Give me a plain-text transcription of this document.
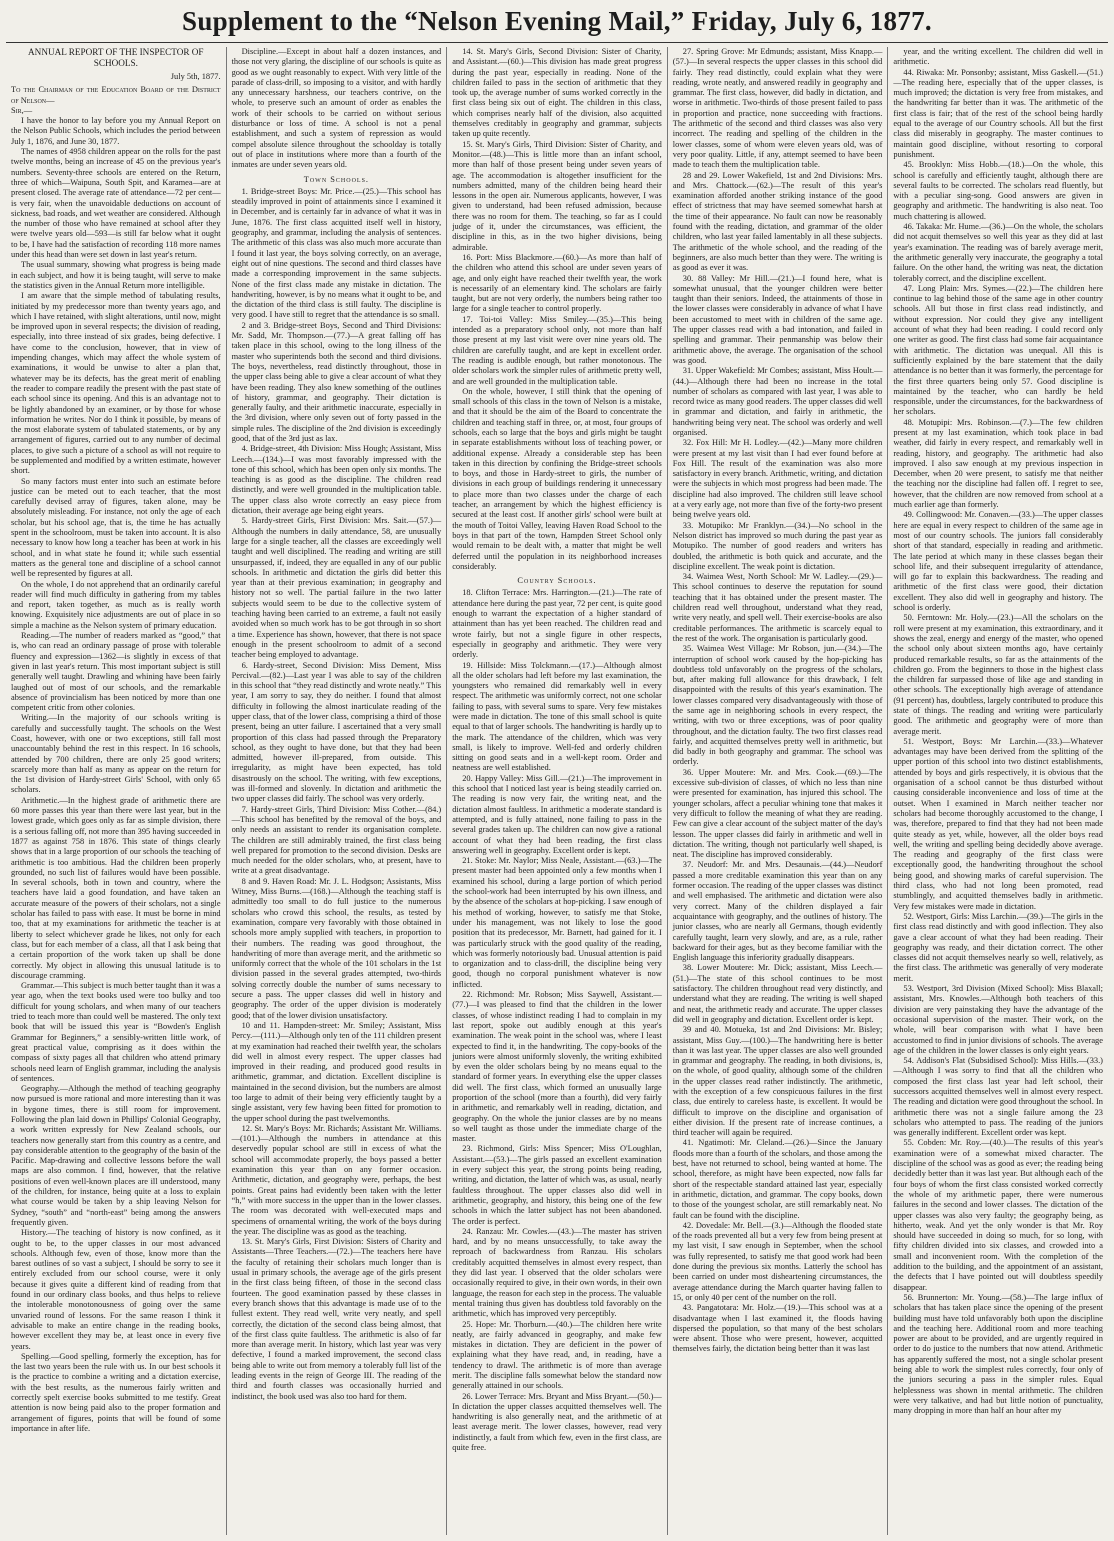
Supplement to the “Nelson Evening Mail,” Friday, July 6, 1877.

ANNUAL REPORT OF THE INSPECTOR OF SCHOOLS.

July 5th, 1877.

To the Chairman of the Education Board of the District of Nelson—

Sir,—

I have the honor to lay before you my Annual Report on the Nelson Public Schools, which includes the period between July 1, 1876, and June 30, 1877.

The names of 4958 children appear on the rolls for the past twelve months, being an increase of 45 on the previous year's numbers. Seventy-three schools are entered on the Return, three of which—Waipuna, South Spit, and Karamea—are at present closed. The average rate of attendance—72 per cent—is very fair, when the unavoidable deductions on account of sickness, bad roads, and wet weather are considered. Although the number of those who have remained at school after they were twelve years old—593—is still far below what it ought to be, I have had the satisfaction of recording 118 more names under this head than were set down in last year's return.

The usual summary, showing what progress is being made in each subject, and how it is being taught, will serve to make the statistics given in the Annual Return more intelligible.

I am aware that the simple method of tabulating results, initiated by my predecessor more than twenty years ago, and which I have retained, with slight alterations, until now, might be improved upon in several respects; the division of reading, especially, into three instead of six grades, being defective. I have come to the conclusion, however, that in view of impending changes, which may affect the whole system of examinations, it would be unwise to alter a plan that, whatever may be its defects, has the great merit of enabling the reader to compare readily the present with the past state of each school since its opening. And this is an advantage not to be lightly abandoned by an examiner, or by those for whose information he writes. Nor do I think it possible, by means of the most elaborate system of tabulated statements, or by any arrangement of figures, carried out to any number of decimal places, to give such a picture of a school as will not require to be supplemented and modified by a written estimate, however short.

So many factors must enter into such an estimate before justice can be meted out to each teacher, that the most carefully devised array of figures, taken alone, may be absolutely misleading. For instance, not only the age of each scholar, but his school age, that is, the time he has actually spent in the schoolroom, must be taken into account. It is also necessary to know how long a teacher has been at work in his school, and in what state he found it; while such essential matters as the general tone and discipline of a school cannot well be represented by figures at all.

On the whole, I do not apprehend that an ordinarily careful reader will find much difficulty in gathering from my tables and report, taken together, as much as is really worth knowing. Exquisitely nice adjustments are out of place in so simple a machine as the Nelson system of primary education.

Reading.—The number of readers marked as “good,” that is, who can read an ordinary passage of prose with tolerable fluency and expression—1362—is slightly in excess of that given in last year's return. This most important subject is still generally well taught. Drawling and whining have been fairly laughed out of most of our schools, and the remarkable absence of provincialism has been noticed by more than one competent critic from other colonies.

Writing.—In the majority of our schools writing is carefully and successfully taught. The schools on the West Coast, however, with one or two exceptions, still fall most unaccountably behind the rest in this respect. In 16 schools, attended by 700 children, there are only 25 good writers; scarcely more than half as many as appear on the return for the 1st division of Hardy-street Girls' School, with only 65 scholars.

Arithmetic.—In the highest grade of arithmetic there are 60 more passes this year than there were last year, but in the lowest grade, which goes only as far as simple division, there is a serious falling off, not more than 395 having succeeded in 1877 as against 758 in 1876. This state of things clearly shows that in a large proportion of our schools the teaching of arithmetic is too ambitious. Had the children been properly grounded, no such list of failures would have been possible. In several schools, both in town and country, where the teachers have laid a good foundation, and have taken an accurate measure of the powers of their scholars, not a single scholar has failed to pass with ease. It must be borne in mind too, that at my examinations for arithmetic the teacher is at liberty to select whichever grade he likes, not only for each class, but for each member of a class, all that I ask being that a certain proportion of the work taken up shall be done correctly. My object in allowing this unusual latitude is to discourage cramming.

Grammar.—This subject is much better taught than it was a year ago, when the text books used were too bulky and too difficult for young scholars, and when many of our teachers tried to teach more than could well be mastered. The only text book that will be issued this year is “Bowden's English Grammar for Beginners,” a sensibly-written little work, of great practical value, comprising as it does within the compass of sixty pages all that children who attend primary schools need learn of English grammar, including the analysis of sentences.

Geography.—Although the method of teaching geography now pursued is more rational and more interesting than it was in bygone times, there is still room for improvement. Following the plan laid down in Phillips' Colonial Geography, a work written expressly for New Zealand schools, our teachers now generally start from this country as a centre, and pay considerable attention to the geography of the basin of the Pacific. Map-drawing and collective lessons before the wall maps are also common. I find, however, that the relative positions of even well-known places are ill understood, many of the children, for instance, being quite at a loss to explain what course would be taken by a ship leaving Nelson for Sydney, “south” and “north-east” being among the answers frequently given.

History.—The teaching of history is now confined, as it ought to be, to the upper classes in our most advanced schools. Although few, even of those, know more than the barest outlines of so vast a subject, I should be sorry to see it entirely excluded from our school course, were it only because it gives quite a different kind of reading from that found in our ordinary class books, and thus helps to relieve the intolerable monotonousness of going over the same unvaried round of lessons. For the same reason I think it advisable to make an entire change in the reading books, however excellent they may be, at least once in every five years.

Spelling.—Good spelling, formerly the exception, has for the last two years been the rule with us. In our best schools it is the practice to combine a writing and a dictation exercise, with the best results, as the numerous fairly written and correctly spelt exercise books submitted to me testify. Great attention is now being paid also to the proper formation and arrangement of figures, points that will be found of some importance in after life.

Discipline.—Except in about half a dozen instances, and those not very glaring, the discipline of our schools is quite as good as we ought reasonably to expect. With very little of the parade of class-drill, so imposing to a visitor, and with hardly any unnecessary harshness, our teachers contrive, on the whole, to preserve such an amount of order as enables the work of their schools to be carried on without serious disturbance or loss of time. A school is not a penal establishment, and such a system of repression as would compel absolute silence throughout the schoolday is totally out of place in institutions where more than a fourth of the inmates are under seven years old.

Town Schools.

1. Bridge-street Boys: Mr. Price.—(25.)—This school has steadily improved in point of attainments since I examined it in December, and is certainly far in advance of what it was in June, 1876. The first class acquitted itself well in history, geography, and grammar, including the analysis of sentences. The arithmetic of this class was also much more accurate than I found it last year, the boys solving correctly, on an average, eight out of nine questions. The second and third classes have made a corresponding improvement in the same subjects. None of the first class made any mistake in dictation. The handwriting, however, is by no means what it ought to be, and the dictation of the third class is still faulty. The discipline is very good. I have still to regret that the attendance is so small.

2 and 3. Bridge-street Boys, Second and Third Divisions: Mr. Sadd, Mr. Thompson.—(77.)—A great falling off has taken place in this school, owing to the long illness of the master who superintends both the second and third divisions. The boys, nevertheless, read distinctly throughout, those in the upper class being able to give a clear account of what they have been reading. They also knew something of the outlines of history, grammar, and geography. Their dictation is generally faulty, and their arithmetic inaccurate, especially in the 3rd division, where only seven out of forty passed in the simple rules. The discipline of the 2nd division is exceedingly good, that of the 3rd just as lax.

4. Bridge-street, 4th Division: Miss Hough; Assistant, Miss Leech.—(134.)—I was most favorably impressed with the tone of this school, which has been open only six months. The teaching is as good as the discipline. The children read distinctly, and were well grounded in the multiplication table. The upper class also wrote correctly an easy piece from dictation, their average age being eight years.

5. Hardy-street Girls, First Division: Mrs. Sait.—(57.)—Although the numbers in daily attendance, 58, are unusually large for a single teacher, all the classes are exceedingly well taught and well disciplined. The reading and writing are still unsurpassed, if, indeed, they are equalled in any of our public schools. In arithmetic and dictation the girls did better this year than at their previous examination; in geography and history not so well. The partial failure in the two latter subjects would seem to be due to the collective system of teaching having been carried to an extreme, a fault not easily avoided when so much work has to be got through in so short a time. Experience has shown, however, that there is not space enough in the present schoolroom to admit of a second teacher being employed to advantage.

6. Hardy-street, Second Division: Miss Dement, Miss Percival.—(82.)—Last year I was able to say of the children in this school that “they read distinctly and wrote neatly.” This year, I am sorry to say, they do neither. I found that almost difficulty in following the almost inarticulate reading of the upper class, that of the lower class, comprising a third of those present, being an utter failure. I ascertained that a very small proportion of this class had passed through the Preparatory school, as they ought to have done, but that they had been admitted, however ill-prepared, from outside. This irregularity, as might have been expected, has told disastrously on the school. The writing, with few exceptions, was ill-formed and slovenly. In dictation and arithmetic the two upper classes did fairly. The school was very orderly.

7. Hardy-street Girls, Third Division: Miss Cother.—(84.)—This school has benefited by the removal of the boys, and only needs an assistant to render its organisation complete. The children are still admirably trained, the first class being well prepared for promotion to the second division. Desks are much needed for the older scholars, who, at present, have to write at a great disadvantage.

8 and 9. Haven Road: Mr. J. L. Hodgson; Assistants, Miss Witney, Miss Burns.—(168.)—Although the teaching staff is admittedly too small to do full justice to the numerous scholars who crowd this school, the results, as tested by examination, compare very favorably with those obtained in schools more amply supplied with teachers, in proportion to their numbers. The reading was good throughout, the handwriting of more than average merit, and the arithmetic so uniformly correct that the whole of the 101 scholars in the 1st division passed in the several grades attempted, two-thirds solving correctly double the number of sums necessary to secure a pass. The upper classes did well in history and geography. The order of the upper division is moderately good; that of the lower division unsatisfactory.

10 and 11. Hampden-street: Mr. Smiley; Assistant, Miss Percy.—(111.)—Although only ten of the 111 children present at my examination had reached their twelfth year, the scholars did well in almost every respect. The upper classes had improved in their reading, and produced good results in arithmetic, grammar, and dictation. Excellent discipline is maintained in the second division, but the numbers are almost too large to admit of their being very efficiently taught by a single assistant, very few having been fitted for promotion to the upper school during the past twelvemonths.

12. St. Mary's Boys: Mr. Richards; Assistant Mr. Williams.—(101.)—Although the numbers in attendance at this deservedly popular school are still in excess of what the school will accommodate properly, the boys passed a better examination this year than on any former occasion. Arithmetic, dictation, and geography were, perhaps, the best points. Great pains had evidently been taken with the letter “h,” with more success in the upper than in the lower classes. The room was decorated with well-executed maps and specimens of ornamental writing, the work of the boys during the year. The discipline was as good as the teaching.

13. St. Mary's Girls, First Division: Sisters of Charity and Assistants—Three Teachers.—(72.)—The teachers here have the faculty of retaining their scholars much longer than is usual in primary schools, the average age of the girls present in the first class being fifteen, of those in the second class fourteen. The good examination passed by these classes in every branch shows that this advantage is made use of to the fullest extent. They read well, write very neatly, and spell correctly, the dictation of the second class being almost, that of the first class quite faultless. The arithmetic is also of far more than average merit. In history, which last year was very defective, I found a marked improvement, the second class being able to write out from memory a tolerably full list of the leading events in the reign of George III. The reading of the third and fourth classes was occasionally hurried and indistinct, the book used was also too hard for them.

14. St. Mary's Girls, Second Division: Sister of Charity, and Assistant.—(60.)—This division has made great progress during the past year, especially in reading. None of the children failed to pass in the section of arithmetic that they took up, the average number of sums worked correctly in the first class being six out of eight. The children in this class, which comprises nearly half of the division, also acquitted themselves creditably in geography and grammar, subjects taken up quite recently.

15. St. Mary's Girls, Third Division: Sister of Charity, and Monitor.—(48.)—This is little more than an infant school, more than half of those present being under seven years of age. The accommodation is altogether insufficient for the numbers admitted, many of the children being heard their lessons in the open air. Numerous applicants, however, I was given to understand, had been refused admission, because there was no room for them. The teaching, so far as I could judge of it, under the circumstances, was efficient, the discipline in this, as in the two higher divisions, being admirable.

16. Port: Miss Blackmore.—(60.)—As more than half of the children who attend this school are under seven years of age, and only eight have reached their twelfth year, the work is necessarily of an elementary kind. The scholars are fairly taught, but are not very orderly, the numbers being rather too large for a single teacher to control properly.

17. Toi-toi Valley: Miss Smiley.—(35.)—This being intended as a preparatory school only, not more than half those present at my last visit were over nine years old. The children are carefully taught, and are kept in excellent order. The reading is audible enough, but rather monotonous. The older scholars work the simpler rules of arithmetic pretty well, and are well grounded in the multiplication table.

On the whole, however, I still think that the opening of small schools of this class in the town of Nelson is a mistake, and that it should be the aim of the Board to concentrate the children and teaching staff in three, or, at most, four groups of schools, each so large that the boys and girls might be taught in separate establishments without loss of teaching power, or additional expense. Already a considerable step has been taken in this direction by confining the Bridge-street schools to boys, and those in Hardy-street to girls, the number of divisions in each group of buildings rendering it unnecessary to place more than two classes under the charge of each teacher, an arrangement by which the highest efficiency is secured at the least cost. If another girls' school were built at the mouth of Toitoi Valley, leaving Haven Road School to the boys in that part of the town, Hampden Street School only would remain to be dealt with, a matter that might be well deferred until the population in its neighborhood increases considerably.

Country Schools.

18. Clifton Terrace: Mrs. Harrington.—(21.)—The rate of attendance here during the past year, 72 per cent, is quite good enough to warrant the expectation of a higher standard of attainment than has yet been reached. The children read and wrote fairly, but not a single figure in other respects, especially in geography and arithmetic. They were very orderly.

19. Hillside: Miss Tolckmann.—(17.)—Although almost all the older scholars had left before my last examination, the youngsters who remained did remarkably well in every respect. The arithmetic was uniformly correct, not one scholar failing to pass, with several sums to spare. Very few mistakes were made in dictation. The tone of this small school is quite equal to that of larger schools. The handwriting is hardly up to the mark. The attendance of the children, which was very small, is likely to improve. Well-fed and orderly children sitting on good seats and in a well-kept room. Order and neatness are well established.

20. Happy Valley: Miss Gill.—(21.)—The improvement in this school that I noticed last year is being steadily carried on. The reading is now very fair, the writing neat, and the dictation almost faultless. In arithmetic a moderate standard is attempted, and is fully attained, none failing to pass in the several grades taken up. The children can now give a rational account of what they had been reading, the first class answering well in geography. Excellent order is kept.

21. Stoke: Mr. Naylor; Miss Neale, Assistant.—(63.)—The present master had been appointed only a few months when I examined his school, during a large portion of which period the school-work had been interrupted by his own illness, and by the absence of the scholars at hop-picking. I saw enough of his method of working, however, to satisfy me that Stoke, under his management, was not likely to lose the good position that its predecessor, Mr. Barnett, had gained for it. I was particularly struck with the good quality of the reading, which was formerly notoriously bad. Unusual attention is paid to organization and to class-drill, the discipline being very good, though no corporal punishment whatever is now inflicted.

22. Richmond: Mr. Robson; Miss Saywell, Assistant.—(77.)—I was pleased to find that the children in the lower classes, of whose indistinct reading I had to complain in my last report, spoke out audibly enough at this year's examination. The weak point in the school was, where I least expected to find it, in the handwriting. The copy-books of the juniors were almost uniformly slovenly, the writing exhibited by even the older scholars being by no means equal to the standard of former years. In everything else the upper classes did well. The first class, which formed an unusually large proportion of the school (more than a fourth), did very fairly in arithmetic, and remarkably well in reading, dictation, and geography. On the whole the junior classes are by no means so well taught as those under the immediate charge of the master.

23. Richmond, Girls: Miss Spencer; Miss O'Loughlan, Assistant.—(53.)—The girls passed an excellent examination in every subject this year, the strong points being reading, writing, and dictation, the latter of which was, as usual, nearly faultless throughout. The upper classes also did well in arithmetic, geography, and history, this being one of the few schools in which the latter subject has not been abandoned. The order is perfect.

24. Ranzau: Mr. Cowles.—(43.)—The master has striven hard, and by no means unsuccessfully, to take away the reproach of backwardness from Ranzau. His scholars creditably acquitted themselves in almost every respect, than they did last year. I observed that the older scholars were occasionally required to give, in their own words, in their own language, the reason for each step in the process. The valuable mental training thus given has doubtless told favorably on the arithmetic, which has improved very perceptibly.

25. Hope: Mr. Thorburn.—(40.)—The children here write neatly, are fairly advanced in geography, and make few mistakes in dictation. They are deficient in the power of explaining what they have read, and, in reading, have a tendency to drawl. The arithmetic is of more than average merit. The discipline falls somewhat below the standard now generally attained in our schools.

26. Lower Terrace: Mrs. Bryant and Miss Bryant.—(50.)—In dictation the upper classes acquitted themselves well. The handwriting is also generally neat, and the arithmetic of at least average merit. The lower classes, however, read very indistinctly, a fault from which few, even in the first class, are quite free.

27. Spring Grove: Mr Edmunds; assistant, Miss Knapp.—(57.)—In several respects the upper classes in this school did fairly. They read distinctly, could explain what they were reading, wrote neatly, and answered readily in geography and grammar. The first class, however, did badly in dictation, and worse in arithmetic. Two-thirds of those present failed to pass in proportion and practice, none succeeding with fractions. The arithmetic of the second and third classes was also very incorrect. The reading and spelling of the children in the lower classes, some of whom were eleven years old, was of very poor quality. Little, if any, attempt seemed to have been made to teach them the multiplication table.

28 and 29. Lower Wakefield, 1st and 2nd Divisions: Mrs. and Mrs. Chattock.—(62.)—The result of this year's examination afforded another striking instance of the good effect of strictness that may have seemed somewhat harsh at the time of their appearance. No fault can now be reasonably found with the reading, dictation, and grammar of the older children, who last year failed lamentably in all these subjects. The arithmetic of the whole school, and the reading of the beginners, are also much better than they were. The writing is as good as ever it was.

30. 88 Valley: Mr Hill.—(21.)—I found here, what is somewhat unusual, that the younger children were better taught than their seniors. Indeed, the attainments of those in the lower classes were considerably in advance of what I have been accustomed to meet with in children of the same age. The upper classes read with a bad intonation, and failed in spelling and grammar. Their penmanship was below their arithmetic above, the average. The organisation of the school was good.

31. Upper Wakefield: Mr Combes; assistant, Miss Hoult.—(44.)—Although there had been no increase in the total number of scholars as compared with last year, I was able to record twice as many good readers. The upper classes did well in grammar and dictation, and fairly in arithmetic, the handwriting being very neat. The school was orderly and well organised.

32. Fox Hill: Mr H. Lodley.—(42.)—Many more children were present at my last visit than I had ever found before at Fox Hill. The result of the examination was also more satisfactory in every branch. Arithmetic, writing, and dictation were the subjects in which most progress had been made. The discipline had also improved. The children still leave school at a very early age, not more than five of the forty-two present being twelve years old.

33. Motupiko: Mr Franklyn.—(34.)—No school in the Nelson district has improved so much during the past year as Motupiko. The number of good readers and writers has doubled, the arithmetic is both quick and accurate, and the discipline excellent. The weak point is dictation.

34. Waimea West, North School: Mr W. Ladley.—(29.)—This school continues to deserve the reputation for sound teaching that it has obtained under the present master. The children read well throughout, understand what they read, write very neatly, and spell well. Their exercise-books are also creditable performances. The arithmetic is scarcely equal to the rest of the work. The organisation is particularly good.

35. Waimea West Village: Mr Robson, jun.—(34.)—The interruption of school work caused by the hop-picking has doubtless told unfavorably on the progress of the scholars, but, after making full allowance for this drawback, I felt disappointed with the results of this year's examination. The lower classes compared very disadvantageously with those of the same age in neighboring schools in every respect, the writing, with two or three exceptions, was of poor quality throughout, and the dictation faulty. The two first classes read fairly, and acquitted themselves pretty well in arithmetic, but did badly in both geography and grammar. The school was orderly.

36. Upper Moutere: Mr. and Mrs. Cook.—(69.)—The excessive sub-division of classes, of which no less than nine were presented for examination, has injured this school. The younger scholars, affect a peculiar whining tone that makes it very difficult to follow the meaning of what they are reading. Few can give a clear account of the subject matter of the day's lesson. The upper classes did fairly in arithmetic and well in dictation. The writing, though not particularly well shaped, is neat. The discipline has improved considerably.

37. Neudorf: Mr. and Mrs. Desaunais.—(44.)—Neudorf passed a more creditable examination this year than on any former occasion. The reading of the upper classes was distinct and well emphasised. The arithmetic and dictation were also very correct. Many of the children displayed a fair acquaintance with geography, and the outlines of history. The junior classes, who are nearly all Germans, though evidently carefully taught, learn very slowly, and are, as a rule, rather backward for their ages, but as they become familiar with the English language this inferiority gradually disappears.

38. Lower Moutere: Mr. Dick; assistant, Miss Leech.—(51.)—The state of this school continues to be most satisfactory. The children throughout read very distinctly, and understand what they are reading. The writing is well shaped and neat, the arithmetic ready and accurate. The upper classes did well in geography and dictation. Excellent order is kept.

39 and 40. Motueka, 1st and 2nd Divisions: Mr. Bisley; assistant, Miss Guy.—(100.)—The handwriting here is better than it was last year. The upper classes are also well grounded in grammar and geography. The reading, in both divisions, is, on the whole, of good quality, although some of the children in the upper classes read rather indistinctly. The arithmetic, with the exception of a few conspicuous failures in the first class, due entirely to careless haste, is excellent. It would be difficult to improve on the discipline and organisation of either division. If the present rate of increase continues, a third teacher will again be required.

41. Ngatimoti: Mr. Cleland.—(26.)—Since the January floods more than a fourth of the scholars, and those among the best, have not returned to school, being wanted at home. The school, therefore, as might have been expected, now falls far short of the respectable standard attained last year, especially in arithmetic, dictation, and grammar. The copy books, down to those of the youngest scholar, are still remarkably neat. No fault can be found with the discipline.

42. Dovedale: Mr. Bell.—(3.)—Although the flooded state of the roads prevented all but a very few from being present at my last visit, I saw enough in September, when the school was fully represented, to satisfy me that good work had been done during the previous six months. Latterly the school has been carried on under most disheartening circumstances, the average attendance during the March quarter having fallen to 15, or only 40 per cent of the number on the roll.

43. Pangatotara: Mr. Holz.—(19.)—This school was at a disadvantage when I last examined it, the floods having dispersed the population, so that many of the best scholars were absent. Those who were present, however, acquitted themselves fairly, the dictation being better than it was last

year, and the writing excellent. The children did well in arithmetic.

44. Riwaka: Mr. Ponsonby; assistant, Miss Gaskell.—(51.)—The reading here, especially that of the upper classes, is much improved; the dictation is very free from mistakes, and the handwriting far better than it was. The arithmetic of the first class is fair; that of the rest of the school being hardly equal to the average of our Country schools. All but the first class did miserably in geography. The master continues to maintain good discipline, without resorting to corporal punishment.

45. Brooklyn: Miss Hobb.—(18.)—On the whole, this school is carefully and efficiently taught, although there are several faults to be corrected. The scholars read fluently, but with a peculiar sing-song. Good answers are given in geography and arithmetic. The handwriting is also neat. Too much chattering is allowed.

46. Takaka: Mr. Hume.—(36.)—On the whole, the scholars did not acquit themselves so well this year as they did at last year's examination. The reading was of barely average merit, the arithmetic generally very inaccurate, the geography a total failure. On the other hand, the writing was neat, the dictation tolerably correct, and the discipline excellent.

47. Long Plain: Mrs. Symes.—(22.)—The children here continue to lag behind those of the same age in other country schools. All but those in first class read indistinctly, and without expression. Nor could they give any intelligent account of what they had been reading. I could record only one writer as good. The first class had some fair acquaintance with arithmetic. The dictation was unequal. All this is sufficiently explained by the bare statement that the daily attendance is no better than it was formerly, the percentage for the first three quarters being only 57. Good discipline is maintained by the teacher, who can hardly be held responsible, under the circumstances, for the backwardness of her scholars.

48. Motupipi: Mrs. Robinson.—(7.)—The few children present at my last examination, which took place in bad weather, did fairly in every respect, and remarkably well in reading, history, and geography. The arithmetic had also improved. I also saw enough at my previous inspection in December, when 20 were present, to satisfy me that neither the teaching nor the discipline had fallen off. I regret to see, however, that the children are now removed from school at a much earlier age than formerly.

49. Collingwood: Mr. Conaven.—(33.)—The upper classes here are equal in every respect to children of the same age in most of our country schools. The juniors fall considerably short of that standard, especially in reading and arithmetic. The late period at which many in these classes began their school life, and their subsequent irregularity of attendance, will go far to explain this backwardness. The reading and arithmetic of the first class were good, their dictation excellent. They also did well in geography and history. The school is orderly.

50. Ferntown: Mr. Holy.—(23.)—All the scholars on the roll were present at my examination, this extraordinary, and it shows the zeal, energy and energy of the master, who opened the school only about sixteen months ago, have certainly produced remarkable results, so far as the attainments of the children go. From the beginners to those in the highest class the children far surpassed those of like age and standing in other schools. The exceptionally high average of attendance (91 percent) has, doubtless, largely contributed to produce this state of things. The reading and writing were particularly good. The arithmetic and geography were of more than average merit.

51. Westport, Boys: Mr Larchin.—(33.)—Whatever advantages may have been derived from the splitting of the upper portion of this school into two distinct establishments, attended by boys and girls respectively, it is obvious that the organisation of a school cannot be thus disturbed without causing considerable inconvenience and loss of time at the outset. When I examined in March neither teacher nor scholars had become thoroughly accustomed to the change, I was, therefore, prepared to find that they had not been made quite steady as yet, while, however, all the older boys read well, the writing and spelling being decidedly above average. The reading and geography of the first class were exceptionally good, the handwriting throughout the school being good, and showing marks of careful supervision. The third class, who had not long been promoted, read stumblingly, and acquitted themselves badly in arithmetic. Very few mistakes were made in dictation.

52. Westport, Girls: Miss Larchin.—(39.)—The girls in the first class read distinctly and with good inflection. They also gave a clear account of what they had been reading. Their geography was ready, and their dictation correct. The other classes did not acquit themselves nearly so well, relatively, as the first class. The arithmetic was generally of very moderate merit.

53. Westport, 3rd Division (Mixed School): Miss Blaxall; assistant, Mrs. Knowles.—Although both teachers of this division are very painstaking they have the advantage of the occasional supervision of the master. Their work, on the whole, will bear comparison with what I have been accustomed to find in junior divisions of schools. The average age of the children in the lower classes is only eight years.

54. Addison's Flat (Subsidised School): Miss Hills.—(33.)—Although I was sorry to find that all the children who composed the first class last year had left school, their successors acquitted themselves well in almost every respect. The reading and dictation were good throughout the school. In arithmetic there was not a single failure among the 23 scholars who attempted to pass. The reading of the juniors was generally indifferent. Excellent order was kept.

55. Cobden: Mr. Roy.—(40.)—The results of this year's examination were of a somewhat mixed character. The discipline of the school was as good as ever; the reading being decidedly better than it was last year. But although each of the four boys of whom the first class consisted worked correctly the whole of my arithmetic paper, there were numerous failures in the second and lower classes. The dictation of the upper classes was also very faulty; the geography being, as hitherto, weak. And yet the only wonder is that Mr. Roy should have succeeded in doing so much, for so long, with fifty children divided into six classes, and crowded into a small and inconvenient room. With the completion of the addition to the building, and the appointment of an assistant, the defects that I have pointed out will doubtless speedily disappear.

56. Brunnerton: Mr. Young.—(58.)—The large influx of scholars that has taken place since the opening of the present building must have told unfavorably both upon the discipline and the teaching here. Additional room and more teaching power are about to be provided, and are urgently required in order to do justice to the numbers that now attend. Arithmetic has apparently suffered the most, not a single scholar present being able to work the simplest rules correctly, four only of the juniors securing a pass in the simpler rules. Equal helplessness was shown in mental arithmetic. The children were very talkative, and had but little notion of punctuality, many dropping in more than half an hour after my
